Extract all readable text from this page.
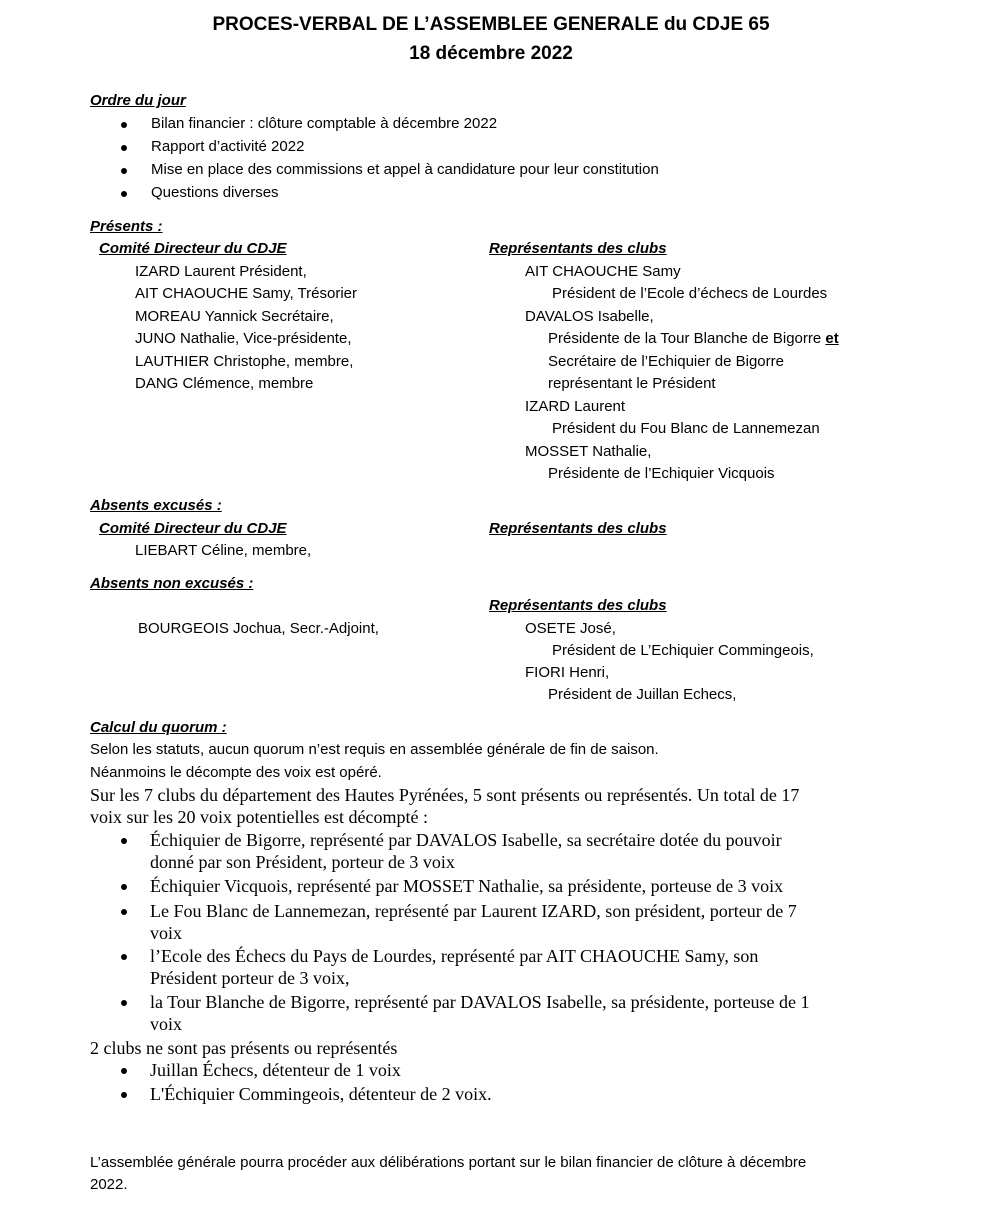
PROCES-VERBAL DE L’ASSEMBLEE GENERALE du CDJE 65
18 décembre 2022
Ordre du jour
Bilan financier : clôture comptable à décembre 2022
Rapport d’activité 2022
Mise en place des commissions et appel à candidature pour leur constitution
Questions diverses
Présents :
Comité Directeur du CDJE
IZARD Laurent Président,
AIT CHAOUCHE Samy, Trésorier
MOREAU Yannick Secrétaire,
JUNO Nathalie, Vice-présidente,
LAUTHIER Christophe, membre,
DANG Clémence, membre
Représentants des clubs
AIT CHAOUCHE Samy
Président de l’Ecole d’échecs de Lourdes
DAVALOS Isabelle,
Présidente de la Tour Blanche de Bigorre et
Secrétaire de l’Echiquier de Bigorre
représentant le Président
IZARD Laurent
Président du Fou Blanc de Lannemezan
MOSSET Nathalie,
Présidente de l’Echiquier Vicquois
Absents excusés :
Comité Directeur du CDJE	Représentants des clubs
LIEBART Céline, membre,
Absents non excusés :
Représentants des clubs
BOURGEOIS Jochua, Secr.-Adjoint,	OSETE José,
Président de L’Echiquier Commingeois,
FIORI Henri,
Président de Juillan Echecs,
Calcul du quorum :
Selon les statuts, aucun quorum n’est requis en assemblée générale de fin de saison.
Néanmoins le décompte des voix est opéré.
Sur les 7 clubs du département des Hautes Pyrénées, 5 sont présents ou représentés. Un total de 17
voix sur les 20 voix potentielles est décompté :
Échiquier de Bigorre, représenté par DAVALOS Isabelle, sa secrétaire dotée du pouvoir
donné par son Président, porteur de 3 voix
Échiquier Vicquois, représenté par MOSSET Nathalie, sa présidente, porteuse de 3 voix
Le Fou Blanc de Lannemezan, représenté par Laurent IZARD, son président, porteur de 7
voix
l’Ecole des Échecs du Pays de Lourdes, représenté par AIT CHAOUCHE Samy, son
Président porteur de 3 voix,
la Tour Blanche de Bigorre, représenté par DAVALOS Isabelle, sa présidente, porteuse de 1
voix
2 clubs ne sont pas présents ou représentés
Juillan Échecs, détenteur de 1 voix
L'Échiquier Commingeois, détenteur de 2 voix.
L’assemblée générale pourra procéder aux délibérations portant sur le bilan financier de clôture à décembre
2022.
